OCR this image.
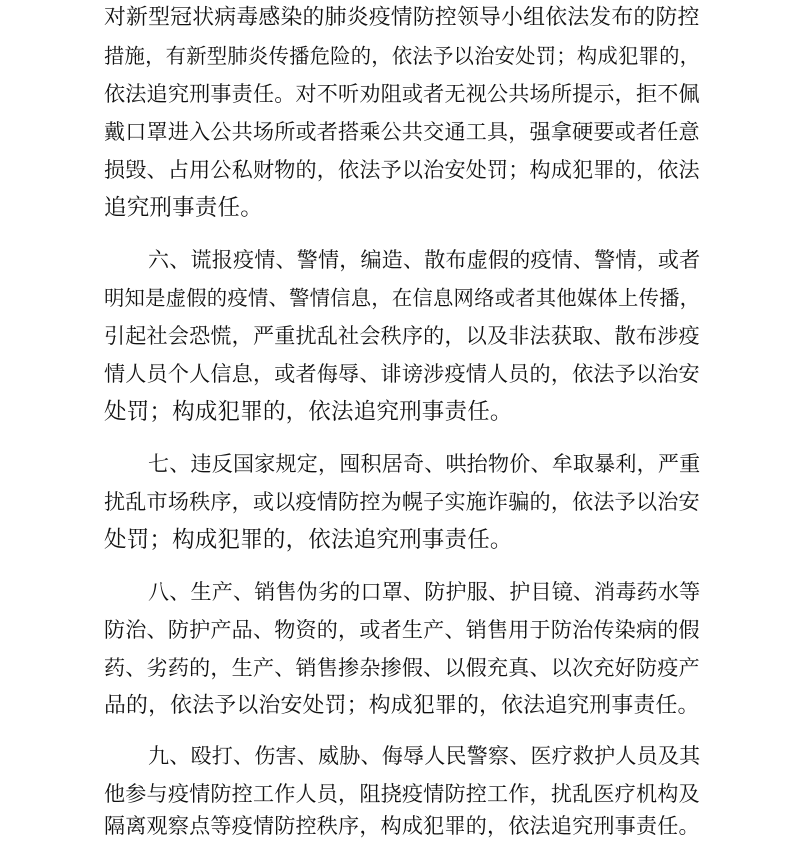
对新型冠状病毒感染的肺炎疫情防控领导小组依法发布的防控
措施，有新型肺炎传播危险的，依法予以治安处罚；构成犯罪的，
依法追究刑事责任。对不听劝阻或者无视公共场所提示，拒不佩
戴口罩进入公共场所或者搭乘公共交通工具，强拿硬要或者任意
损毁、占用公私财物的，依法予以治安处罚；构成犯罪的，依法
追究刑事责任。
六、谎报疫情、警情，编造、散布虚假的疫情、警情，或者
明知是虚假的疫情、警情信息，在信息网络或者其他媒体上传播，
引起社会恐慌，严重扰乱社会秩序的，以及非法获取、散布涉疫
情人员个人信息，或者侮辱、诽谤涉疫情人员的，依法予以治安
处罚；构成犯罪的，依法追究刑事责任。
七、违反国家规定，囤积居奇、哄抬物价、牟取暴利，严重
扰乱市场秩序，或以疫情防控为幌子实施诈骗的，依法予以治安
处罚；构成犯罪的，依法追究刑事责任。
八、生产、销售伪劣的口罩、防护服、护目镜、消毒药水等
防治、防护产品、物资的，或者生产、销售用于防治传染病的假
药、劣药的，生产、销售掺杂掺假、以假充真、以次充好防疫产
品的，依法予以治安处罚；构成犯罪的，依法追究刑事责任。
九、殴打、伤害、威胁、侮辱人民警察、医疗救护人员及其
他参与疫情防控工作人员，阻挠疫情防控工作，扰乱医疗机构及
隔离观察点等疫情防控秩序，构成犯罪的，依法追究刑事责任。
